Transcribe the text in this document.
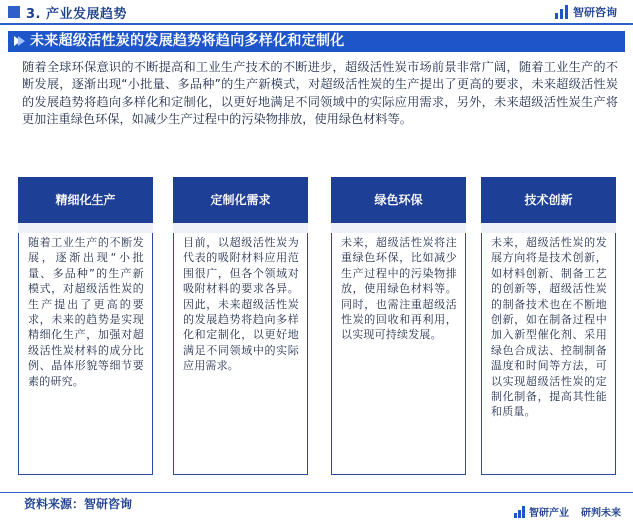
3. 产业发展趋势	智研咨询
未来超级活性炭的发展趋势将趋向多样化和定制化
随着全球环保意识的不断提高和工业生产技术的不断进步，超级活性炭市场前景非常广阔，随着工业生产的不断发展，逐渐出现“小批量、多品种”的生产新模式，对超级活性炭的生产提出了更高的要求，未来超级活性炭的发展趋势将趋向多样化和定制化，以更好地满足不同领域中的实际应用需求，另外，未来超级活性炭生产将更加注重绿色环保，如减少生产过程中的污染物排放，使用绿色材料等。
精细化生产
随着工业生产的不断发展，逐渐出现“小批量、多品种”的生产新模式，对超级活性炭的生产提出了更高的要求，未来的趋势是实现精细化生产，加强对超级活性炭材料的成分比例、晶体形貌等细节要素的研究。
定制化需求
目前，以超级活性炭为代表的吸附材料应用范围很广，但各个领域对吸附材料的要求各异。因此，未来超级活性炭的发展趋势将趋向多样化和定制化，以更好地满足不同领域中的实际应用需求。
绿色环保
未来，超级活性炭将注重绿色环保，比如减少生产过程中的污染物排放，使用绿色材料等。同时，也需注重超级活性炭的回收和再利用，以实现可持续发展。
技术创新
未来，超级活性炭的发展方向将是技术创新，如材料创新、制备工艺的创新等，超级活性炭的制备技术也在不断地创新，如在制备过程中加入新型催化剂、采用绿色合成法、控制制备温度和时间等方法，可以实现超级活性炭的定制化制备，提高其性能和质量。
资料来源：智研咨询
智研产业 研判未来
